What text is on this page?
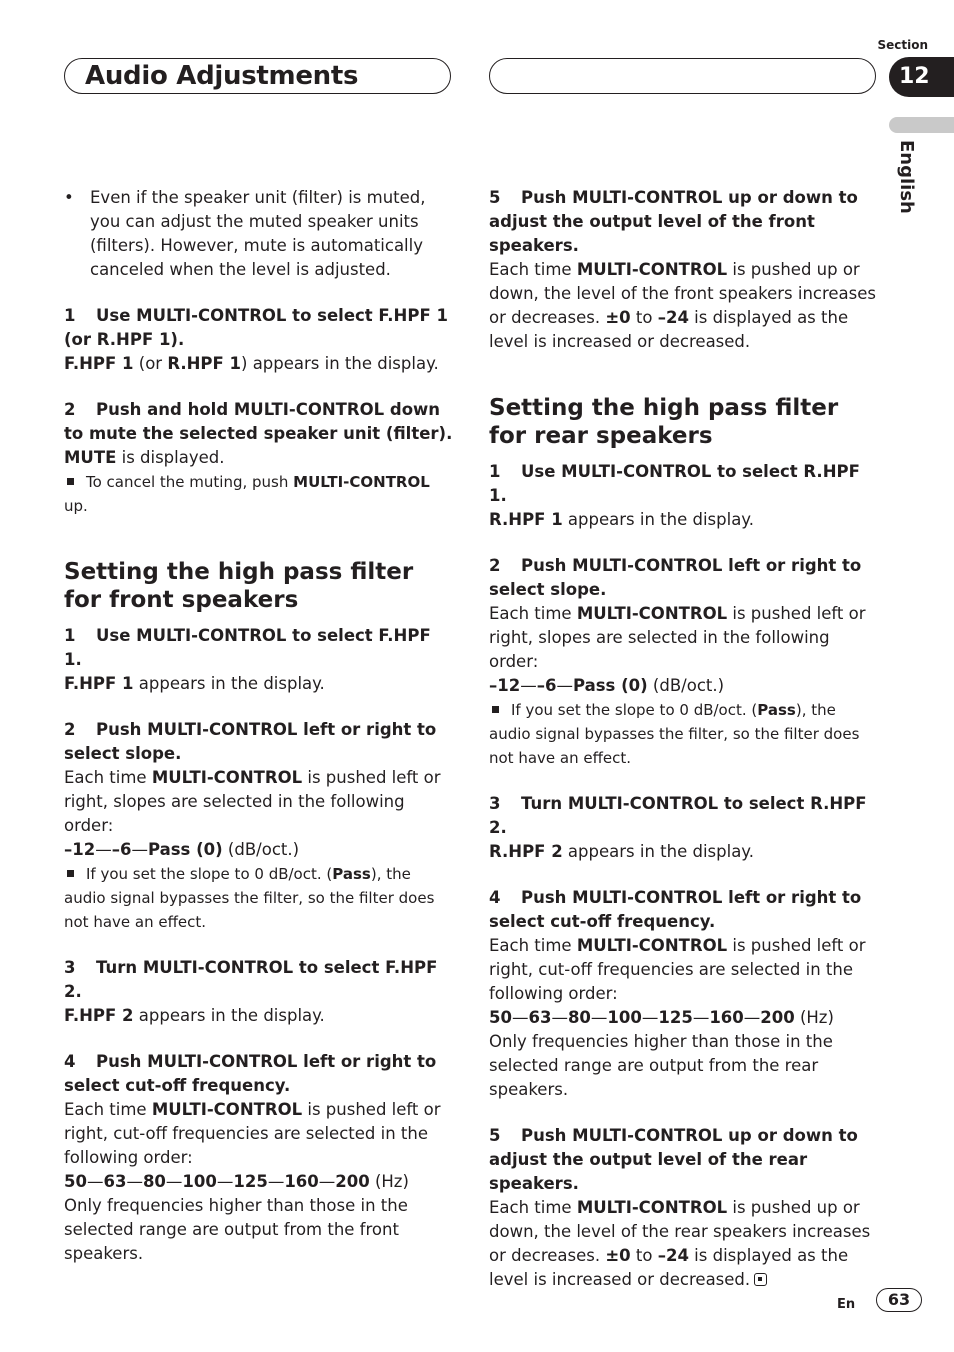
Audio Adjustments
Section
12
English
• Even if the speaker unit (filter) is muted, you can adjust the muted speaker units (filters). However, mute is automatically canceled when the level is adjusted.

1 Use MULTI-CONTROL to select F.HPF 1 (or R.HPF 1).

F.HPF 1 (or R.HPF 1) appears in the display.

2 Push and hold MULTI-CONTROL down to mute the selected speaker unit (filter).

MUTE is displayed.

To cancel the muting, push MULTI-CONTROL up.

Setting the high pass filter for front speakers

1 Use MULTI-CONTROL to select F.HPF 1.

F.HPF 1 appears in the display.

2 Push MULTI-CONTROL left or right to select slope.

Each time MULTI-CONTROL is pushed left or right, slopes are selected in the following order:

–12—–6—Pass (0) (dB/oct.)

If you set the slope to 0 dB/oct. (Pass), the audio signal bypasses the filter, so the filter does not have an effect.

3 Turn MULTI-CONTROL to select F.HPF 2.

F.HPF 2 appears in the display.

4 Push MULTI-CONTROL left or right to select cut-off frequency.

Each time MULTI-CONTROL is pushed left or right, cut-off frequencies are selected in the following order:

50—63—80—100—125—160—200 (Hz)

Only frequencies higher than those in the selected range are output from the front speakers.

5 Push MULTI-CONTROL up or down to adjust the output level of the front speakers.

Each time MULTI-CONTROL is pushed up or down, the level of the front speakers increases or decreases. ±0 to –24 is displayed as the level is increased or decreased.

Setting the high pass filter for rear speakers

1 Use MULTI-CONTROL to select R.HPF 1.

R.HPF 1 appears in the display.

2 Push MULTI-CONTROL left or right to select slope.

Each time MULTI-CONTROL is pushed left or right, slopes are selected in the following order:

–12—–6—Pass (0) (dB/oct.)

If you set the slope to 0 dB/oct. (Pass), the audio signal bypasses the filter, so the filter does not have an effect.

3 Turn MULTI-CONTROL to select R.HPF 2.

R.HPF 2 appears in the display.

4 Push MULTI-CONTROL left or right to select cut-off frequency.

Each time MULTI-CONTROL is pushed left or right, cut-off frequencies are selected in the following order:

50—63—80—100—125—160—200 (Hz)

Only frequencies higher than those in the selected range are output from the rear speakers.

5 Push MULTI-CONTROL up or down to adjust the output level of the rear speakers.

Each time MULTI-CONTROL is pushed up or down, the level of the rear speakers increases or decreases. ±0 to –24 is displayed as the level is increased or decreased.

En	63
